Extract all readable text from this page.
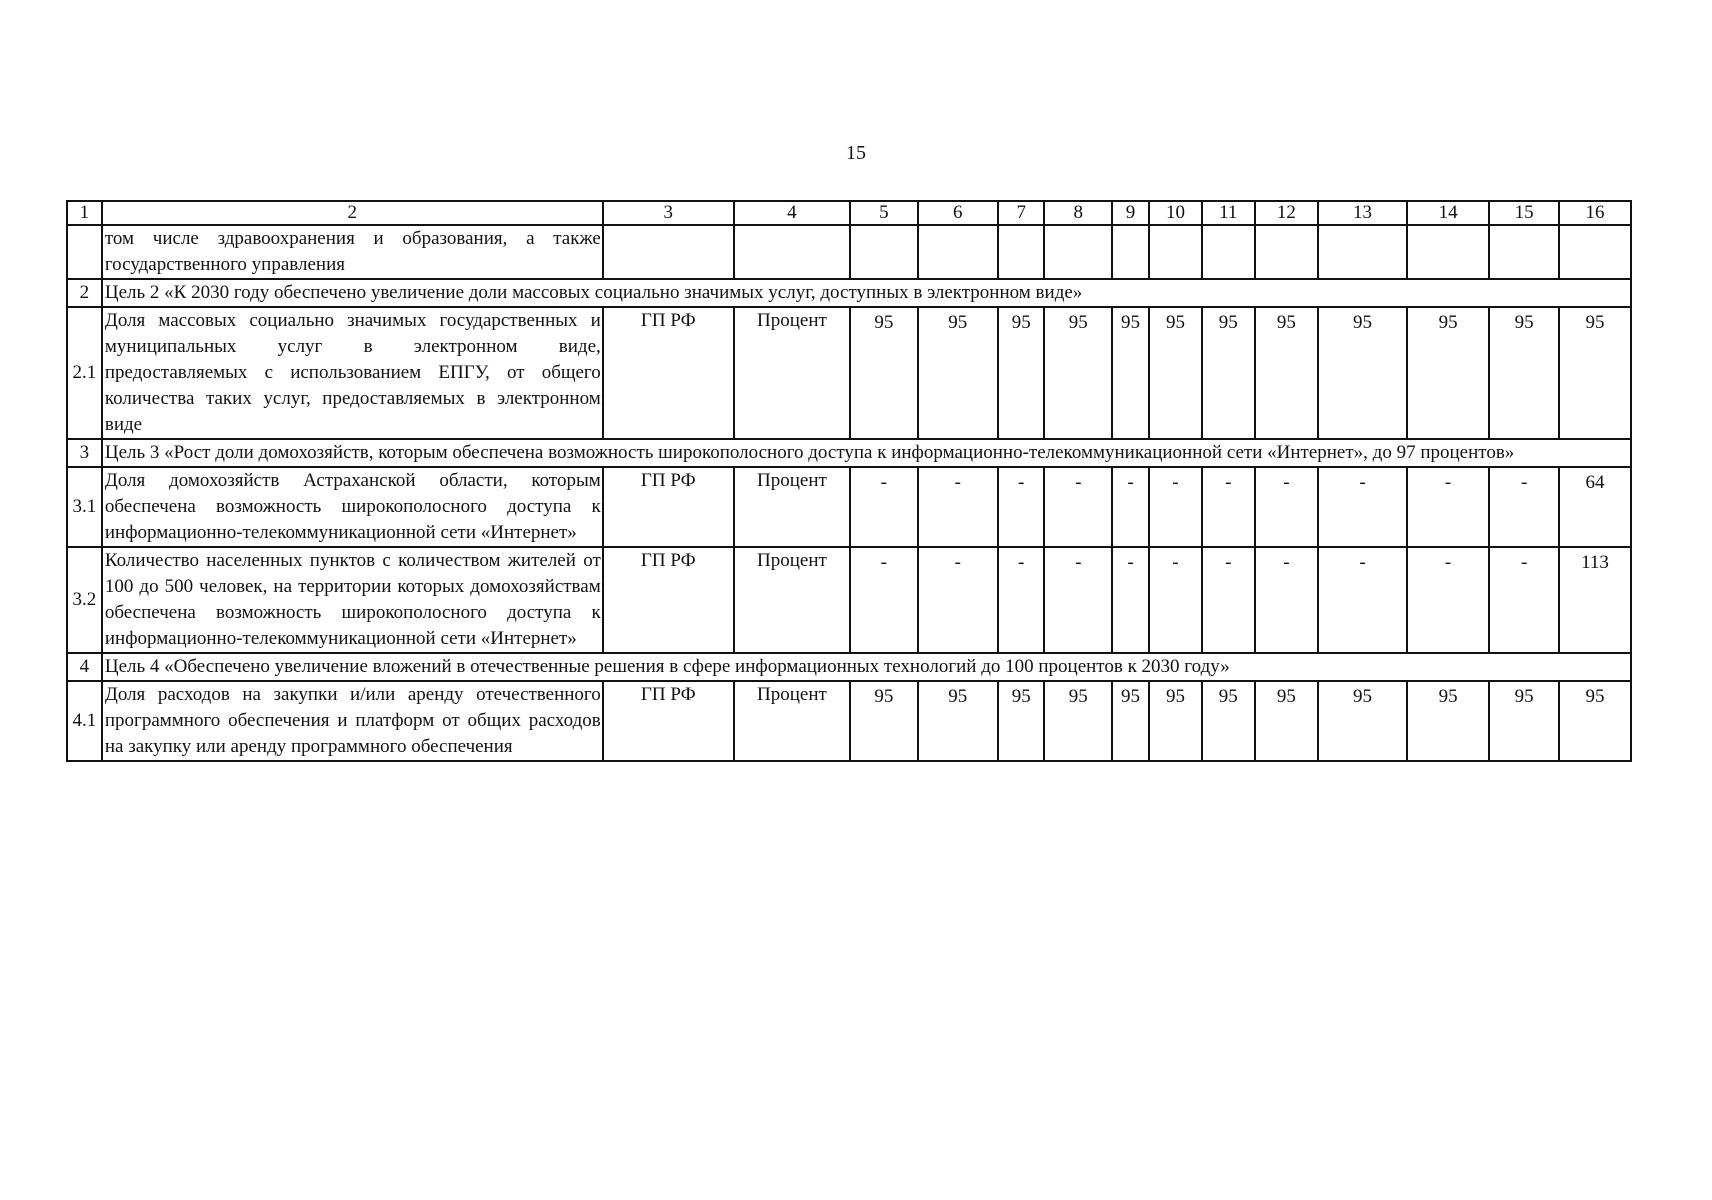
15
1	2	3	4	5	6	7	8	9	10	11	12	13	14	15	16
	том числе здравоохранения и образования, а также государственного управления														
2	Цель 2 «К 2030 году обеспечено увеличение доли массовых социально значимых услуг, доступных в электронном виде»														
2.1	Доля массовых социально значимых государственных и муниципальных услуг в электронном виде, предоставляемых с использованием ЕПГУ, от общего количества таких услуг, предоставляемых в электронном виде	ГП РФ	Процент	95	95	95	95	95	95	95	95	95	95	95	95
3	Цель 3 «Рост доли домохозяйств, которым обеспечена возможность широкополосного доступа к информационно-телекоммуникационной сети «Интернет», до 97 процентов»														
3.1	Доля домохозяйств Астраханской области, которым обеспечена возможность широкополосного доступа к информационно-телекоммуникационной сети «Интернет»	ГП РФ	Процент	-	-	-	-	-	-	-	-	-	-	-	64
3.2	Количество населенных пунктов с количеством жителей от 100 до 500 человек, на территории которых домохозяйствам обеспечена возможность широкополосного доступа к информационно-телекоммуникационной сети «Интернет»	ГП РФ	Процент	-	-	-	-	-	-	-	-	-	-	-	113
4	Цель 4 «Обеспечено увеличение вложений в отечественные решения в сфере информационных технологий до 100 процентов к 2030 году»														
4.1	Доля расходов на закупки и/или аренду отечественного программного обеспечения и платформ от общих расходов на закупку или аренду программного обеспечения	ГП РФ	Процент	95	95	95	95	95	95	95	95	95	95	95	95
